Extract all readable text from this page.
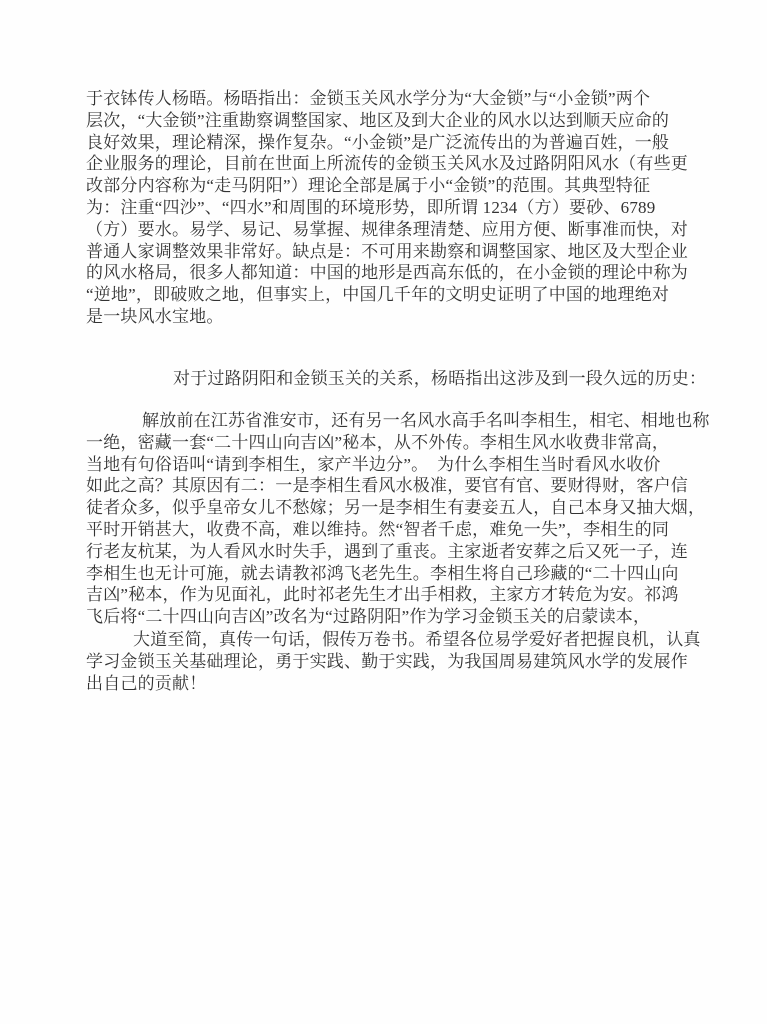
于衣钵传人杨晤。杨晤指出：金锁玉关风水学分为“大金锁”与“小金锁”两个
层次，“大金锁”注重勘察调整国家、地区及到大企业的风水以达到顺天应命的
良好效果，理论精深，操作复杂。“小金锁”是广泛流传出的为普遍百姓，一般
企业服务的理论，目前在世面上所流传的金锁玉关风水及过路阴阳风水（有些更
改部分内容称为“走马阴阳”）理论全部是属于小“金锁”的范围。其典型特征
为：注重“四沙”、“四水”和周围的环境形势，即所谓 1234（方）要砂、6789
（方）要水。易学、易记、易掌握、规律条理清楚、应用方便、断事准而快，对
普通人家调整效果非常好。缺点是：不可用来勘察和调整国家、地区及大型企业
的风水格局，很多人都知道：中国的地形是西高东低的，在小金锁的理论中称为
“逆地”，即破败之地，但事实上，中国几千年的文明史证明了中国的地理绝对
是一块风水宝地。
对于过路阴阳和金锁玉关的关系，杨晤指出这涉及到一段久远的历史：
解放前在江苏省淮安市，还有另一名风水高手名叫李相生，相宅、相地也称
一绝，密藏一套“二十四山向吉凶”秘本，从不外传。李相生风水收费非常高，
当地有句俗语叫“请到李相生，家产半边分”。　为什么李相生当时看风水收价
如此之高？其原因有二：一是李相生看风水极准，要官有官、要财得财，客户信
徒者众多，似乎皇帝女儿不愁嫁；另一是李相生有妻妾五人，自己本身又抽大烟，
平时开销甚大，收费不高，难以维持。然“智者千虑，难免一失”，李相生的同
行老友杭某，为人看风水时失手，遇到了重丧。主家逝者安葬之后又死一子，连
李相生也无计可施，就去请教祁鸿飞老先生。李相生将自己珍藏的“二十四山向
吉凶”秘本，作为见面礼，此时祁老先生才出手相救，主家方才转危为安。祁鸿
飞后将“二十四山向吉凶”改名为“过路阴阳”作为学习金锁玉关的启蒙读本，
大道至简，真传一句话，假传万卷书。希望各位易学爱好者把握良机，认真
学习金锁玉关基础理论，勇于实践、勤于实践，为我国周易建筑风水学的发展作
出自己的贡献！
